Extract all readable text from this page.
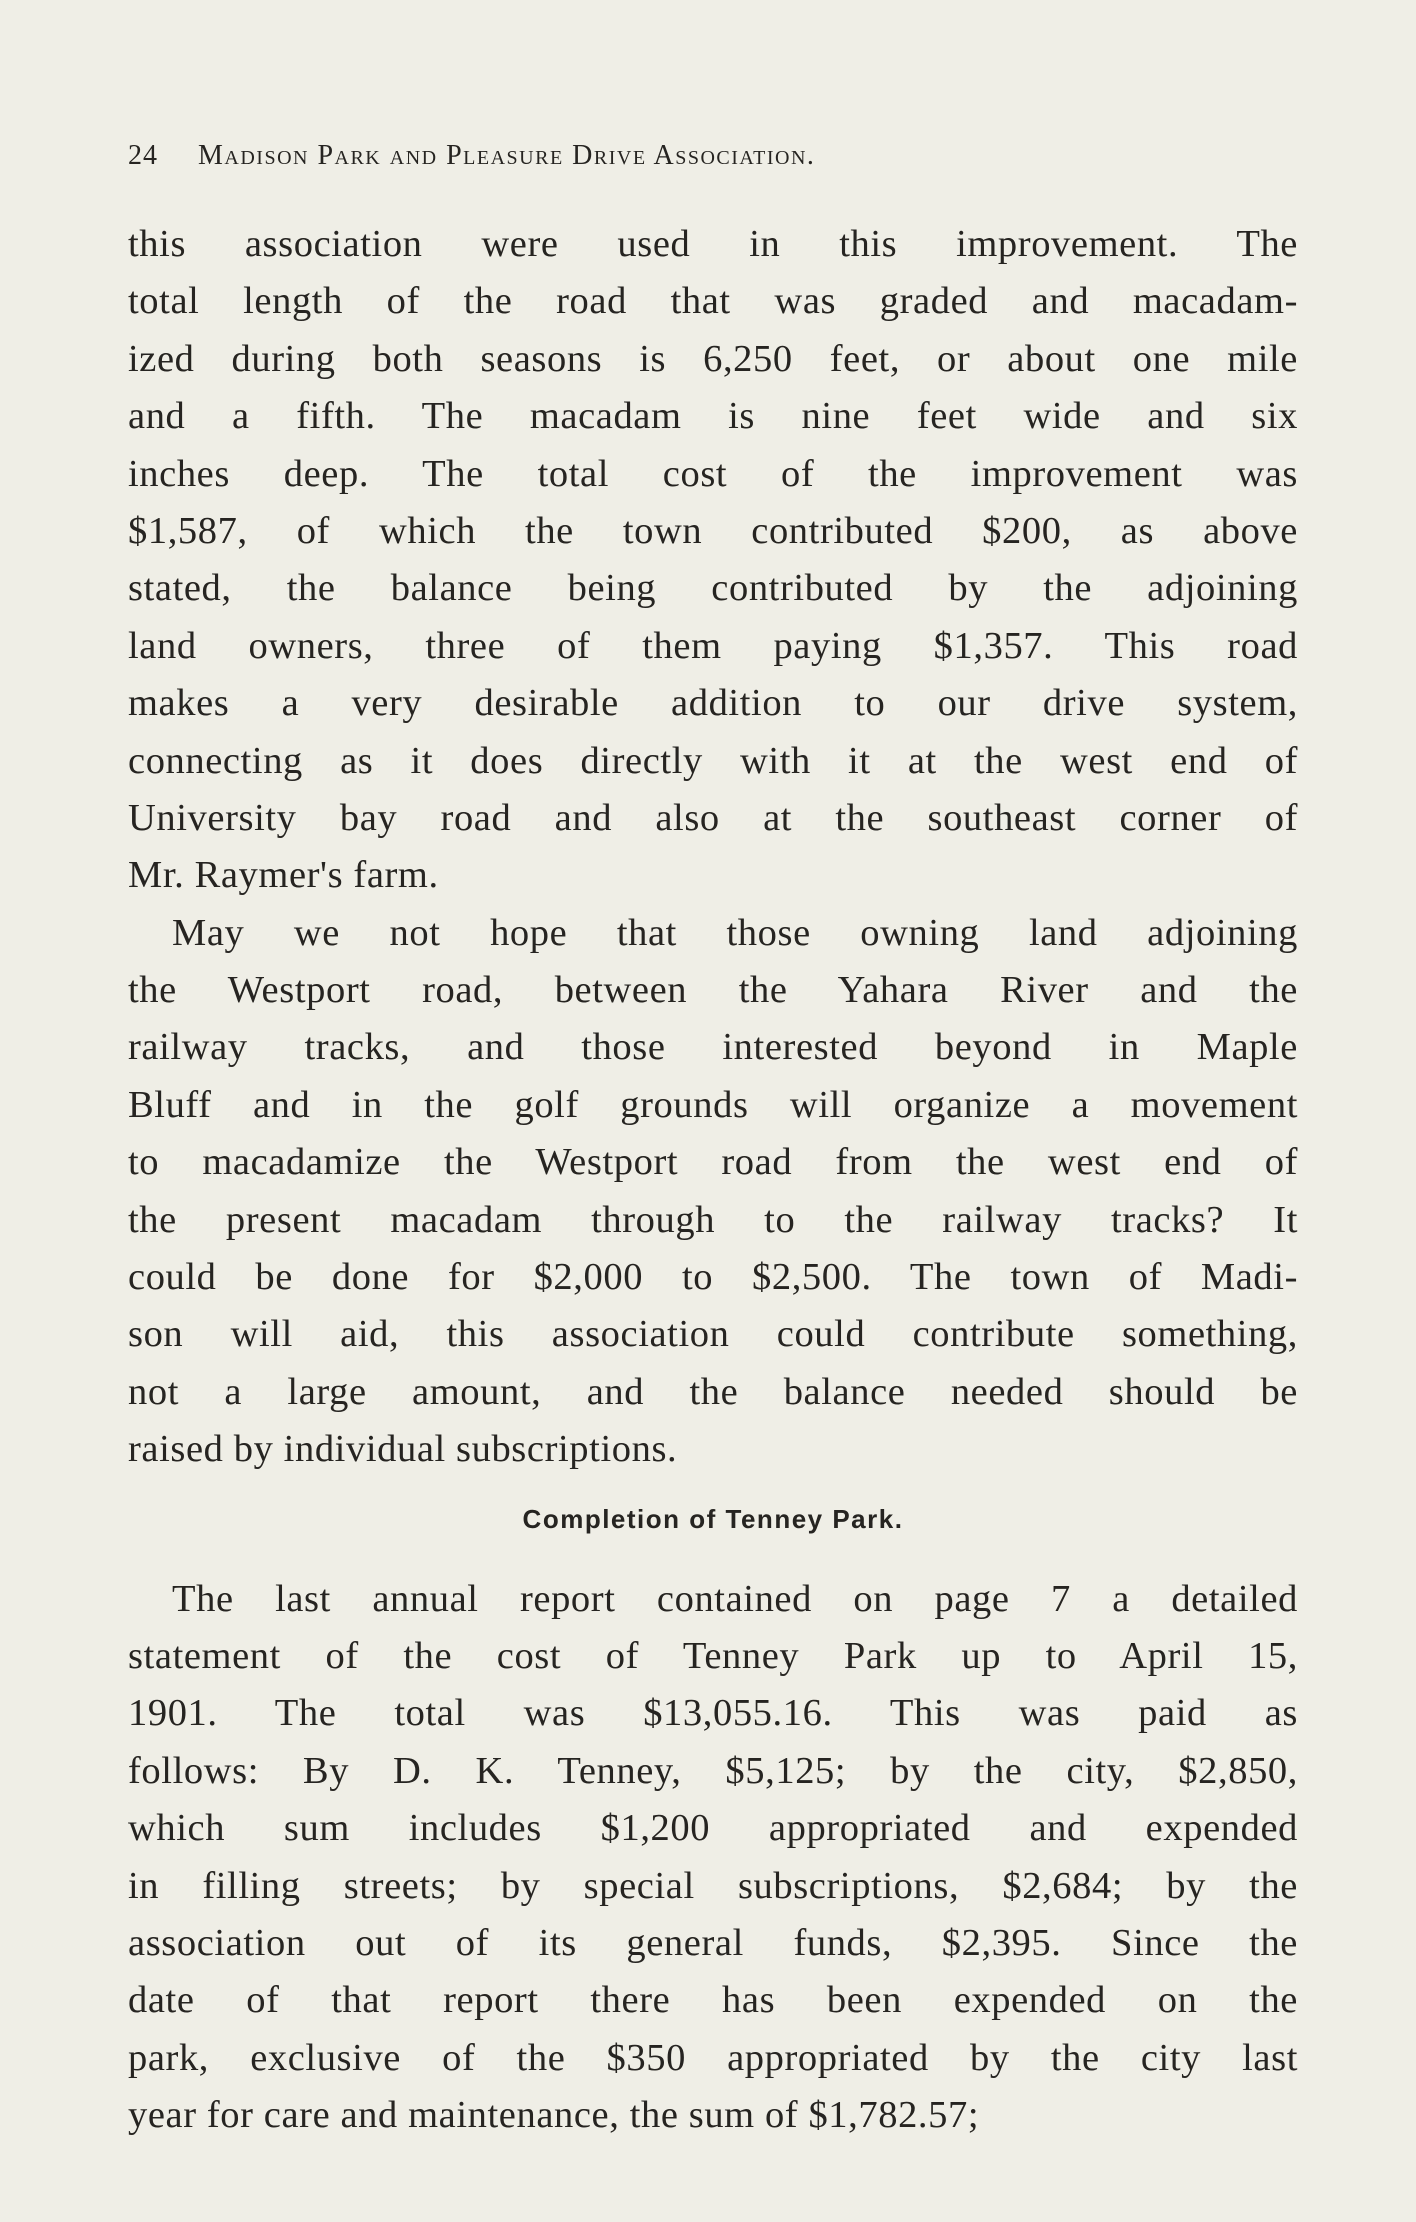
24 Madison Park and Pleasure Drive Association.
this association were used in this improvement. The
total length of the road that was graded and macadam-
ized during both seasons is 6,250 feet, or about one mile
and a fifth. The macadam is nine feet wide and six
inches deep. The total cost of the improvement was
$1,587, of which the town contributed $200, as above
stated, the balance being contributed by the adjoining
land owners, three of them paying $1,357. This road
makes a very desirable addition to our drive system,
connecting as it does directly with it at the west end of
University bay road and also at the southeast corner of
Mr. Raymer's farm.
May we not hope that those owning land adjoining
the Westport road, between the Yahara River and the
railway tracks, and those interested beyond in Maple
Bluff and in the golf grounds will organize a movement
to macadamize the Westport road from the west end of
the present macadam through to the railway tracks? It
could be done for $2,000 to $2,500. The town of Madi-
son will aid, this association could contribute something,
not a large amount, and the balance needed should be
raised by individual subscriptions.
Completion of Tenney Park.
The last annual report contained on page 7 a detailed
statement of the cost of Tenney Park up to April 15,
1901. The total was $13,055.16. This was paid as
follows: By D. K. Tenney, $5,125; by the city, $2,850,
which sum includes $1,200 appropriated and expended
in filling streets; by special subscriptions, $2,684; by the
association out of its general funds, $2,395. Since the
date of that report there has been expended on the
park, exclusive of the $350 appropriated by the city last
year for care and maintenance, the sum of $1,782.57;
